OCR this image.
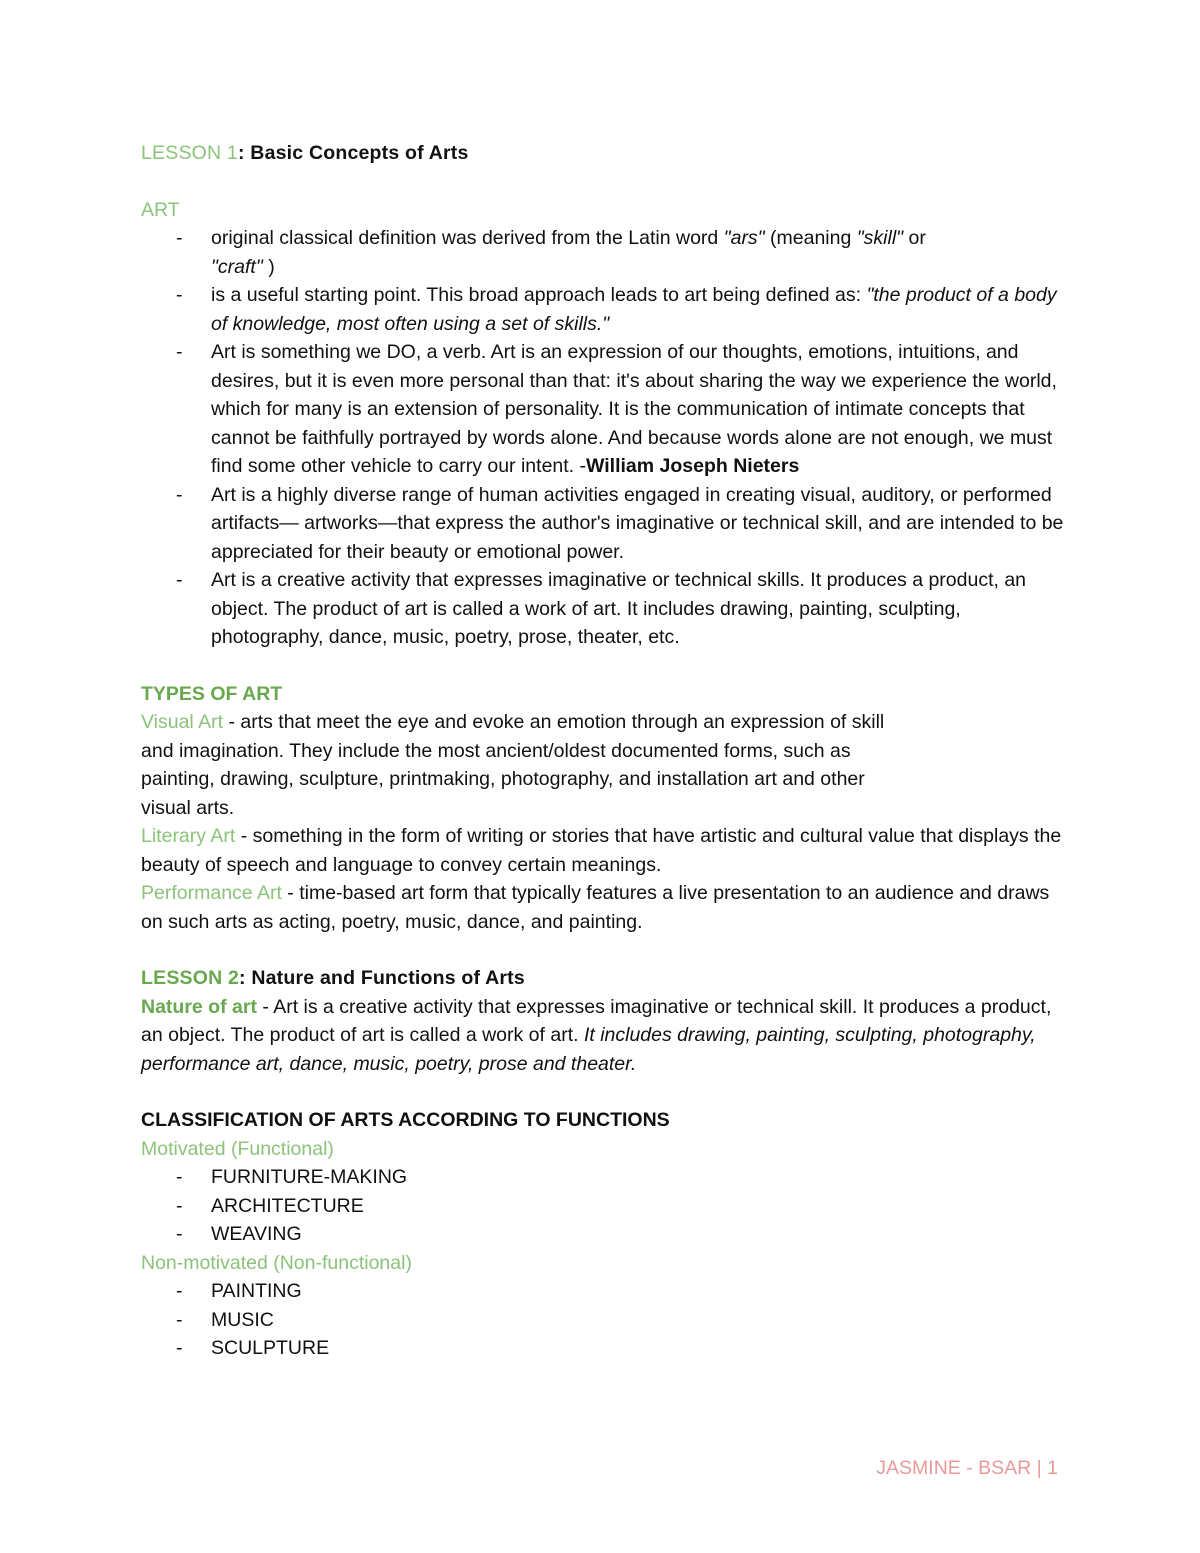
LESSON 1: Basic Concepts of Arts

ART

- original classical definition was derived from the Latin word "ars" (meaning "skill" or
"craft" )
- is a useful starting point. This broad approach leads to art being defined as: "the product of a body of knowledge, most often using a set of skills."
- Art is something we DO, a verb. Art is an expression of our thoughts, emotions, intuitions, and desires, but it is even more personal than that: it's about sharing the way we experience the world, which for many is an extension of personality. It is the communication of intimate concepts that cannot be faithfully portrayed by words alone. And because words alone are not enough, we must find some other vehicle to carry our intent. -William Joseph Nieters
- Art is a highly diverse range of human activities engaged in creating visual, auditory, or performed artifacts— artworks—that express the author's imaginative or technical skill, and are intended to be appreciated for their beauty or emotional power.
- Art is a creative activity that expresses imaginative or technical skills. It produces a product, an object. The product of art is called a work of art. It includes drawing, painting, sculpting, photography, dance, music, poetry, prose, theater, etc.

TYPES OF ART

Visual Art - arts that meet the eye and evoke an emotion through an expression of skill
and imagination. They include the most ancient/oldest documented forms, such as
painting, drawing, sculpture, printmaking, photography, and installation art and other
visual arts.

Literary Art - something in the form of writing or stories that have artistic and cultural value that displays the beauty of speech and language to convey certain meanings.

Performance Art - time-based art form that typically features a live presentation to an audience and draws on such arts as acting, poetry, music, dance, and painting.

LESSON 2: Nature and Functions of Arts

Nature of art - Art is a creative activity that expresses imaginative or technical skill. It produces a product, an object. The product of art is called a work of art. It includes drawing, painting, sculpting, photography, performance art, dance, music, poetry, prose and theater.

CLASSIFICATION OF ARTS ACCORDING TO FUNCTIONS

Motivated (Functional)

- FURNITURE-MAKING
- ARCHITECTURE
- WEAVING

Non-motivated (Non-functional)

- PAINTING
- MUSIC
- SCULPTURE
JASMINE - BSAR | 1
